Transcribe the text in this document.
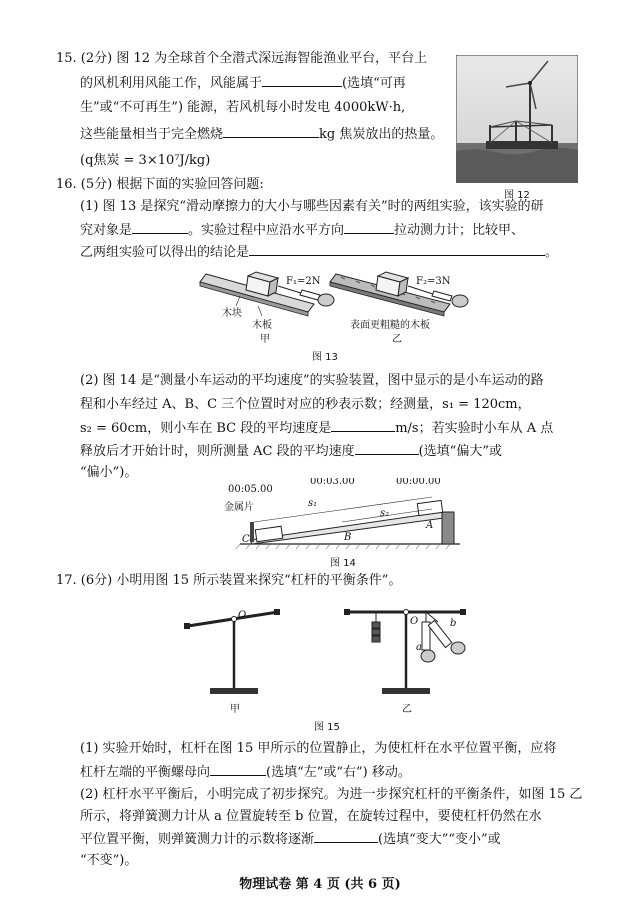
15. (2分) 图 12 为全球首个全潜式深远海智能渔业平台，平台上
的风机利用风能工作，风能属于	(选填“可再
生”或“不可再生”) 能源，若风机每小时发电 4000kW·h,
这些能量相当于完全燃烧	kg 焦炭放出的热量。
(q焦炭 = 3×10⁷J/kg)
图 12
16. (5分) 根据下面的实验回答问题:
(1) 图 13 是探究“滑动摩擦力的大小与哪些因素有关”时的两组实验，该实验的研
究对象是	。实验过程中应沿水平方向	拉动测力计；比较甲、
乙两组实验可以得出的结论是	。
F₁=2N
木块
木板
甲
F₂=3N
表面更粗糙的木板
乙
图 13
(2) 图 14 是“测量小车运动的平均速度”的实验装置，图中显示的是小车运动的路
程和小车经过 A、B、C 三个位置时对应的秒表示数；经测量，s₁ = 120cm，
s₂ = 60cm，则小车在 BC 段的平均速度是	m/s；若实验时小车从 A 点
释放后才开始计时，则所测量 AC 段的平均速度	(选填“偏大”或
“偏小”)。
s₁
s₂
00:05.00
00:03.00	00:00.00
金属片
C	B
A
图 14
17. (6分) 小明用图 15 所示装置来探究“杠杆的平衡条件”。
O
甲
O
a
b
乙
图 15
(1) 实验开始时，杠杆在图 15 甲所示的位置静止，为使杠杆在水平位置平衡，应将
杠杆左端的平衡螺母向	(选填“左”或“右”) 移动。
(2) 杠杆水平平衡后，小明完成了初步探究。为进一步探究杠杆的平衡条件，如图 15 乙
所示，将弹簧测力计从 a 位置旋转至 b 位置，在旋转过程中，要使杠杆仍然在水
平位置平衡，则弹簧测力计的示数将逐渐	(选填“变大”“变小”或
“不变”)。
物理试卷 第 4 页 (共 6 页)
